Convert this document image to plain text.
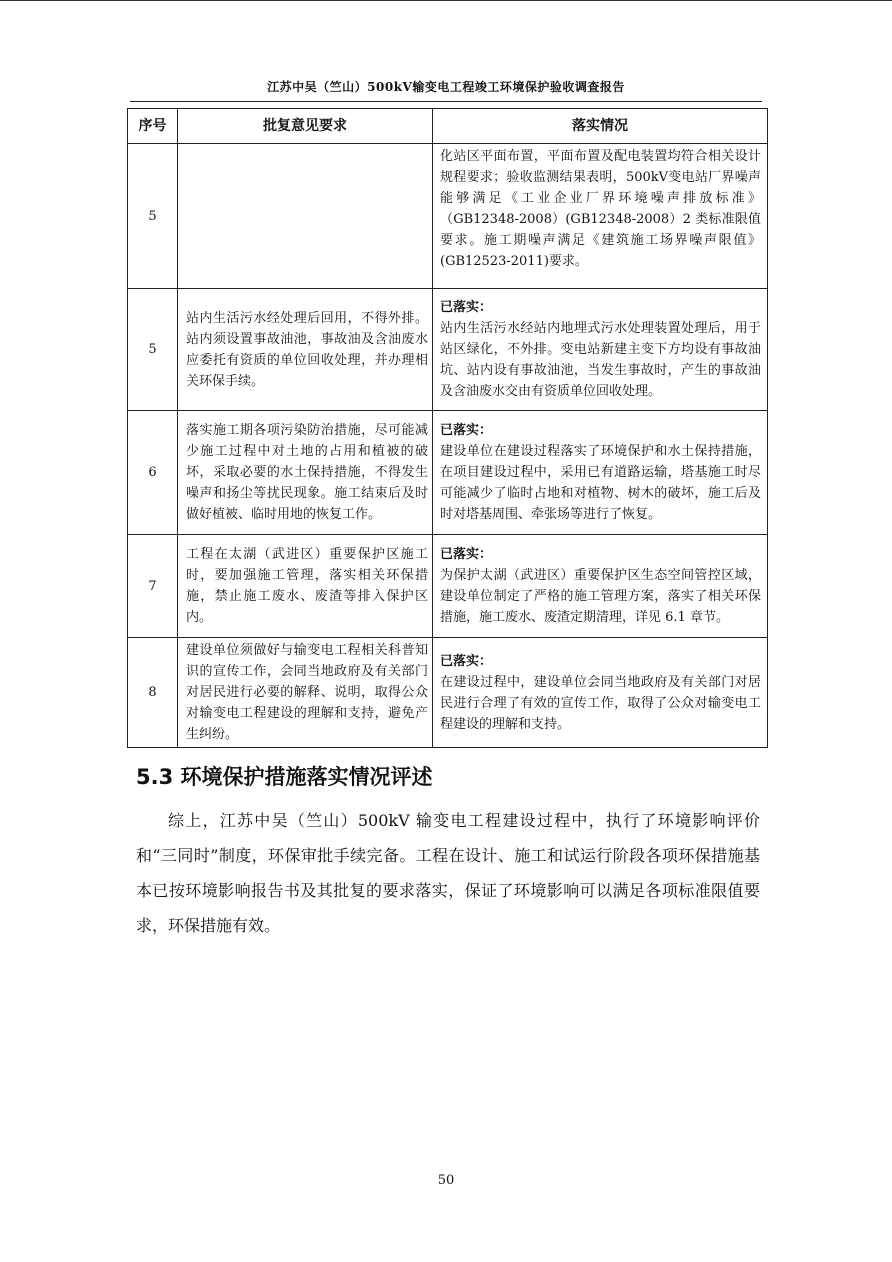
江苏中吴（竺山）500kV输变电工程竣工环境保护验收调查报告
序号	批复意见要求	落实情况
5		化站区平面布置，平面布置及配电装置均符合相关设计规程要求；验收监测结果表明，500kV变电站厂界噪声能够满足《工业企业厂界环境噪声排放标准》（GB12348-2008）(GB12348-2008）2 类标准限值要求。施工期噪声满足《建筑施工场界噪声限值》(GB12523-2011)要求。
5	站内生活污水经处理后回用，不得外排。站内须设置事故油池，事故油及含油废水应委托有资质的单位回收处理，并办理相关环保手续。	已落实：
站内生活污水经站内地埋式污水处理装置处理后，用于站区绿化，不外排。变电站新建主变下方均设有事故油坑、站内设有事故油池，当发生事故时，产生的事故油及含油废水交由有资质单位回收处理。
6	落实施工期各项污染防治措施，尽可能减少施工过程中对土地的占用和植被的破坏，采取必要的水土保持措施，不得发生噪声和扬尘等扰民现象。施工结束后及时做好植被、临时用地的恢复工作。	已落实：
建设单位在建设过程落实了环境保护和水土保持措施，在项目建设过程中，采用已有道路运输，塔基施工时尽可能减少了临时占地和对植物、树木的破坏，施工后及时对塔基周围、牵张场等进行了恢复。
7	工程在太湖（武进区）重要保护区施工时，要加强施工管理，落实相关环保措施，禁止施工废水、废渣等排入保护区内。	已落实：
为保护太湖（武进区）重要保护区生态空间管控区域，建设单位制定了严格的施工管理方案，落实了相关环保措施，施工废水、废渣定期清理，详见 6.1 章节。
8	建设单位须做好与输变电工程相关科普知识的宣传工作，会同当地政府及有关部门对居民进行必要的解释、说明，取得公众对输变电工程建设的理解和支持，避免产生纠纷。	已落实：
在建设过程中，建设单位会同当地政府及有关部门对居民进行合理了有效的宣传工作，取得了公众对输变电工程建设的理解和支持。
5.3 环境保护措施落实情况评述

综上，江苏中吴（竺山）500kV 输变电工程建设过程中，执行了环境影响评价和“三同时”制度，环保审批手续完备。工程在设计、施工和试运行阶段各项环保措施基本已按环境影响报告书及其批复的要求落实，保证了环境影响可以满足各项标准限值要求，环保措施有效。

50
